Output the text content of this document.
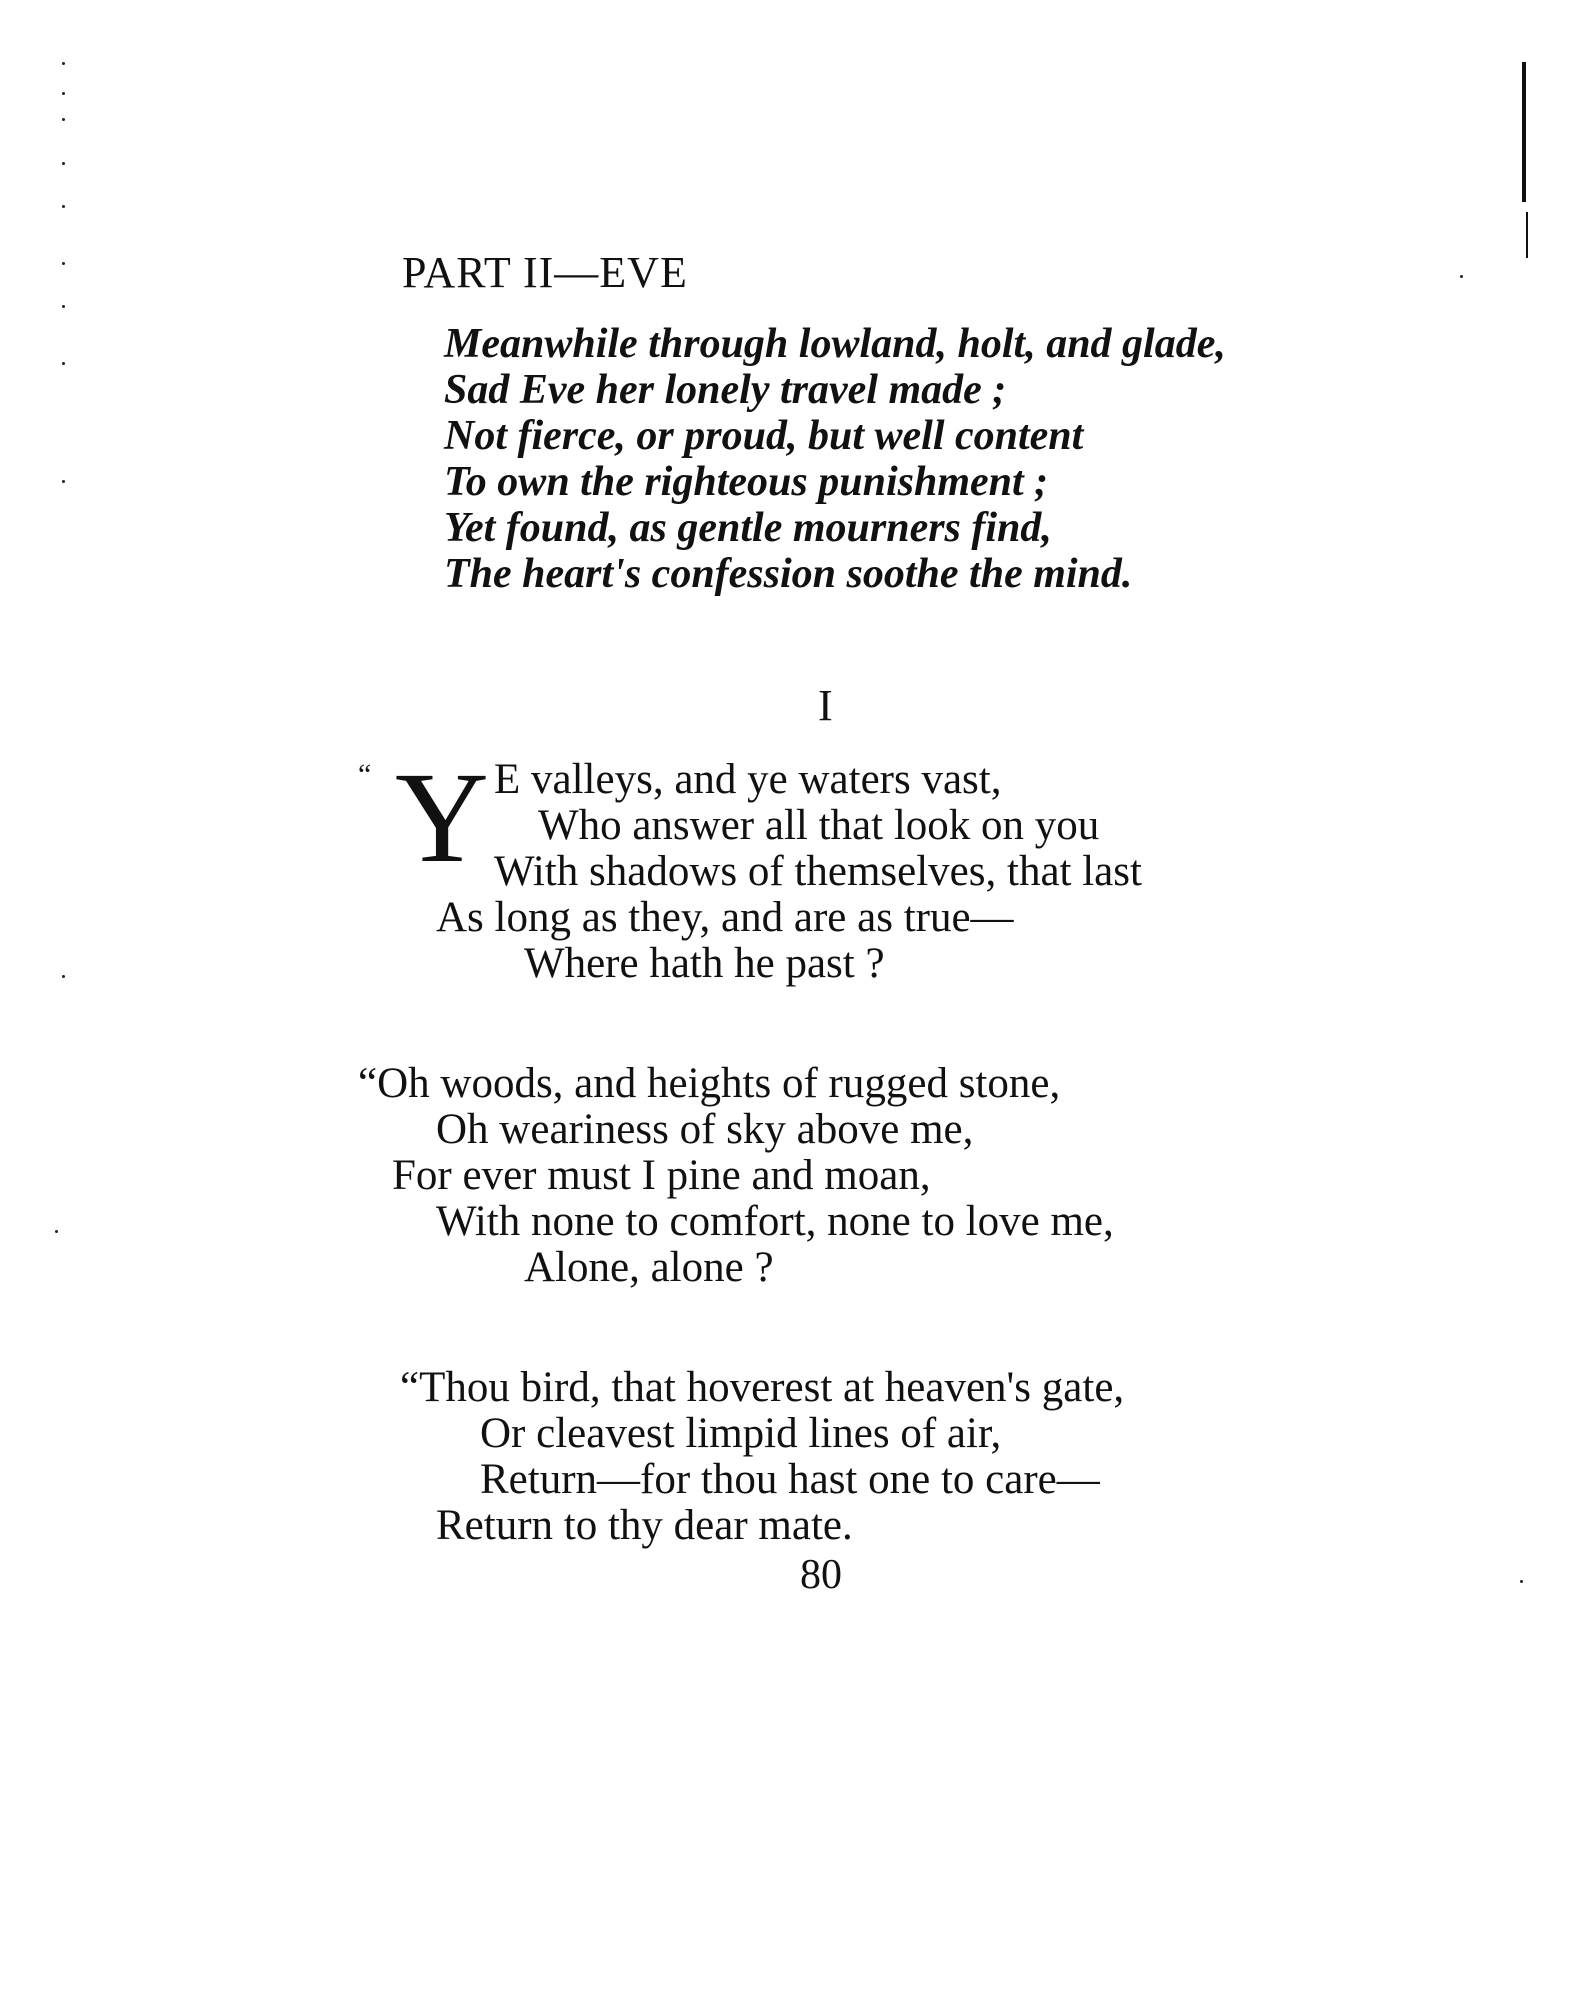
PART II—EVE
Meanwhile through lowland, holt, and glade,
Sad Eve her lonely travel made ;
Not fierce, or proud, but well content
To own the righteous punishment ;
Yet found, as gentle mourners find,
The heart's confession soothe the mind.
I
“ Y E valleys, and ye waters vast,
Who answer all that look on you
With shadows of themselves, that last
As long as they, and are as true—
Where hath he past ?
“Oh woods, and heights of rugged stone,
Oh weariness of sky above me,
For ever must I pine and moan,
With none to comfort, none to love me,
Alone, alone ?
“Thou bird, that hoverest at heaven's gate,
Or cleavest limpid lines of air,
Return—for thou hast one to care—
Return to thy dear mate.
80
